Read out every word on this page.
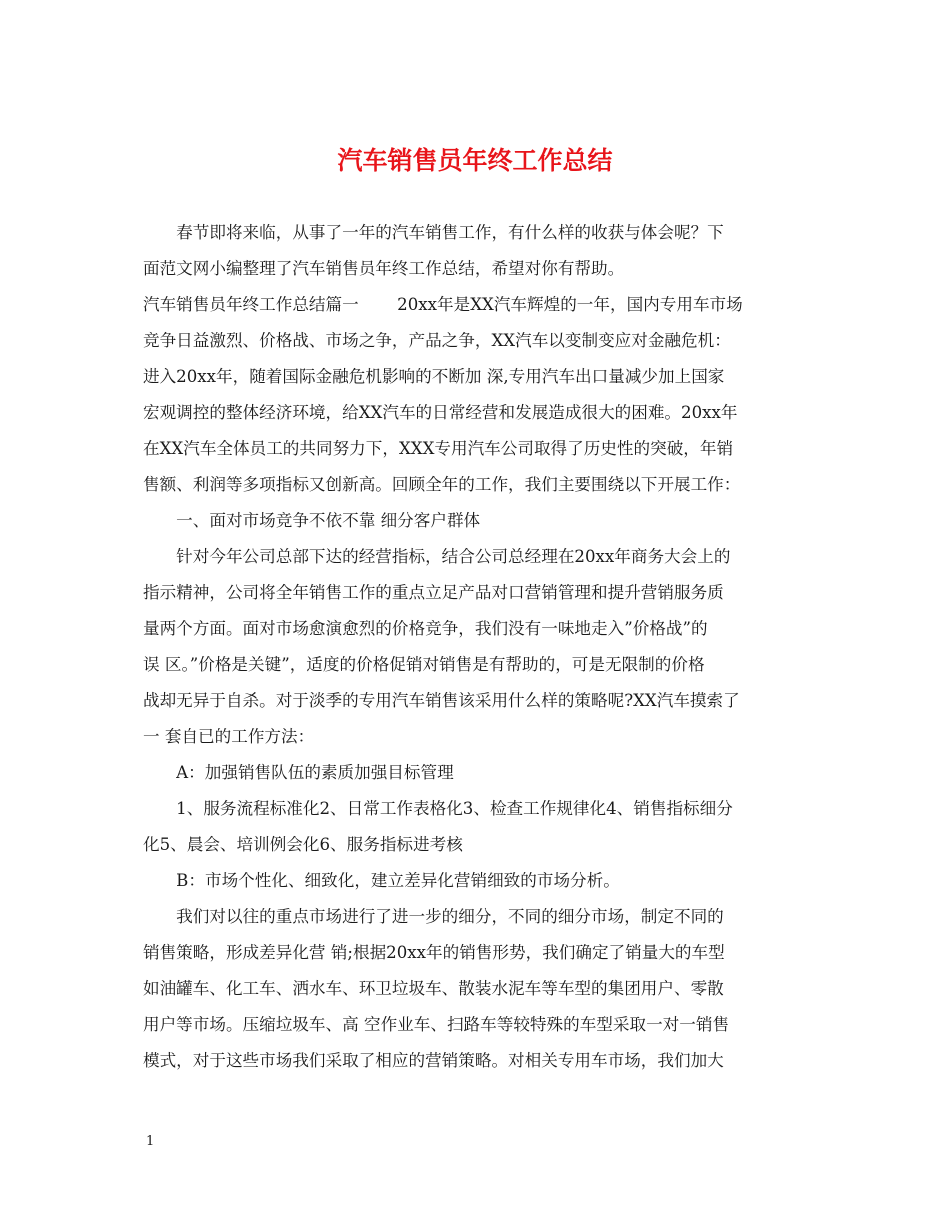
汽车销售员年终工作总结

　　春节即将来临，从事了一年的汽车销售工作，有什么样的收获与体会呢？下

面范文网小编整理了汽车销售员年终工作总结，希望对你有帮助。

汽车销售员年终工作总结篇一　　 20xx年是XX汽车辉煌的一年，国内专用车市场

竞争日益激烈、价格战、市场之争，产品之争，XX汽车以变制变应对金融危机：

进入20xx年，随着国际金融危机影响的不断加 深,专用汽车出口量减少加上国家

宏观调控的整体经济环境，给XX汽车的日常经营和发展造成很大的困难。20xx年

在XX汽车全体员工的共同努力下，XXX专用汽车公司取得了历史性的突破，年销

售额、利润等多项指标又创新高。回顾全年的工作，我们主要围绕以下开展工作：

　　一、面对市场竞争不依不靠 细分客户群体

　　针对今年公司总部下达的经营指标，结合公司总经理在20xx年商务大会上的

指示精神，公司将全年销售工作的重点立足产品对口营销管理和提升营销服务质

量两个方面。面对市场愈演愈烈的价格竞争，我们没有一味地走入”价格战”的

误 区。”价格是关键”，适度的价格促销对销售是有帮助的，可是无限制的价格

战却无异于自杀。对于淡季的专用汽车销售该采用什么样的策略呢?XX汽车摸索了

一 套自已的工作方法：

　　A：加强销售队伍的素质加强目标管理

　　1、服务流程标准化2、日常工作表格化3、检查工作规律化4、销售指标细分

化5、晨会、培训例会化6、服务指标进考核

　　B：市场个性化、细致化，建立差异化营销细致的市场分析。

　　我们对以往的重点市场进行了进一步的细分，不同的细分市场，制定不同的

销售策略，形成差异化营 销;根据20xx年的销售形势，我们确定了销量大的车型

如油罐车、化工车、洒水车、环卫垃圾车、散装水泥车等车型的集团用户、零散

用户等市场。压缩垃圾车、高 空作业车、扫路车等较特殊的车型采取一对一销售

模式，对于这些市场我们采取了相应的营销策略。对相关专用车市场，我们加大

1
